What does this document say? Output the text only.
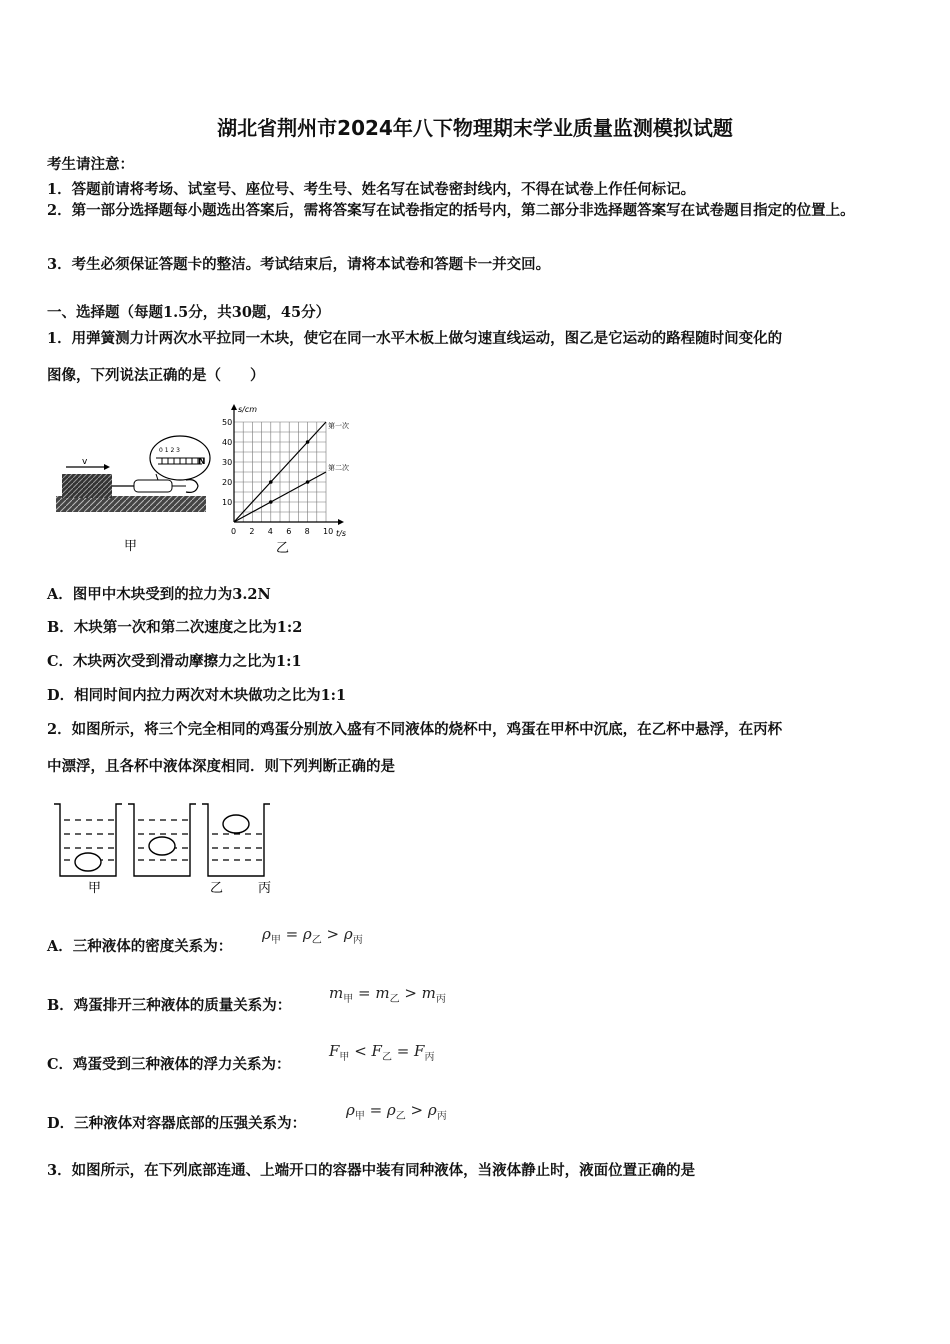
湖北省荆州市2024年八下物理期末学业质量监测模拟试题
考生请注意：
1．答题前请将考场、试室号、座位号、考生号、姓名写在试卷密封线内，不得在试卷上作任何标记。
2．第一部分选择题每小题选出答案后，需将答案写在试卷指定的括号内，第二部分非选择题答案写在试卷题目指定的位置上。
3．考生必须保证答题卡的整洁。考试结束后，请将本试卷和答题卡一并交回。
一、选择题（每题1.5分，共30题，45分）
1．用弹簧测力计两次水平拉同一木块，使它在同一水平木板上做匀速直线运动，图乙是它运动的路程随时间变化的
图像，下列说法正确的是（　　）
v
0 1 2 3
N
甲
0 2 4 6 8 10
10
20
30
40
50
t/s
s/cm
第一次
第二次
乙
A．图甲中木块受到的拉力为3.2N
B．木块第一次和第二次速度之比为1:2
C．木块两次受到滑动摩擦力之比为1:1
D．相同时间内拉力两次对木块做功之比为1:1
2．如图所示，将三个完全相同的鸡蛋分别放入盛有不同液体的烧杯中，鸡蛋在甲杯中沉底，在乙杯中悬浮，在丙杯
中漂浮，且各杯中液体深度相同．则下列判断正确的是
甲	乙	丙
A．三种液体的密度关系为：
$\rho_甲 = \rho_乙 > \rho_丙$
B．鸡蛋排开三种液体的质量关系为：
$m_甲 = m_乙 > m_丙$
C．鸡蛋受到三种液体的浮力关系为：
$F_甲 < F_乙 = F_丙$
D．三种液体对容器底部的压强关系为：
$\rho_甲 = \rho_乙 > \rho_丙$
3．如图所示，在下列底部连通、上端开口的容器中装有同种液体，当液体静止时，液面位置正确的是
